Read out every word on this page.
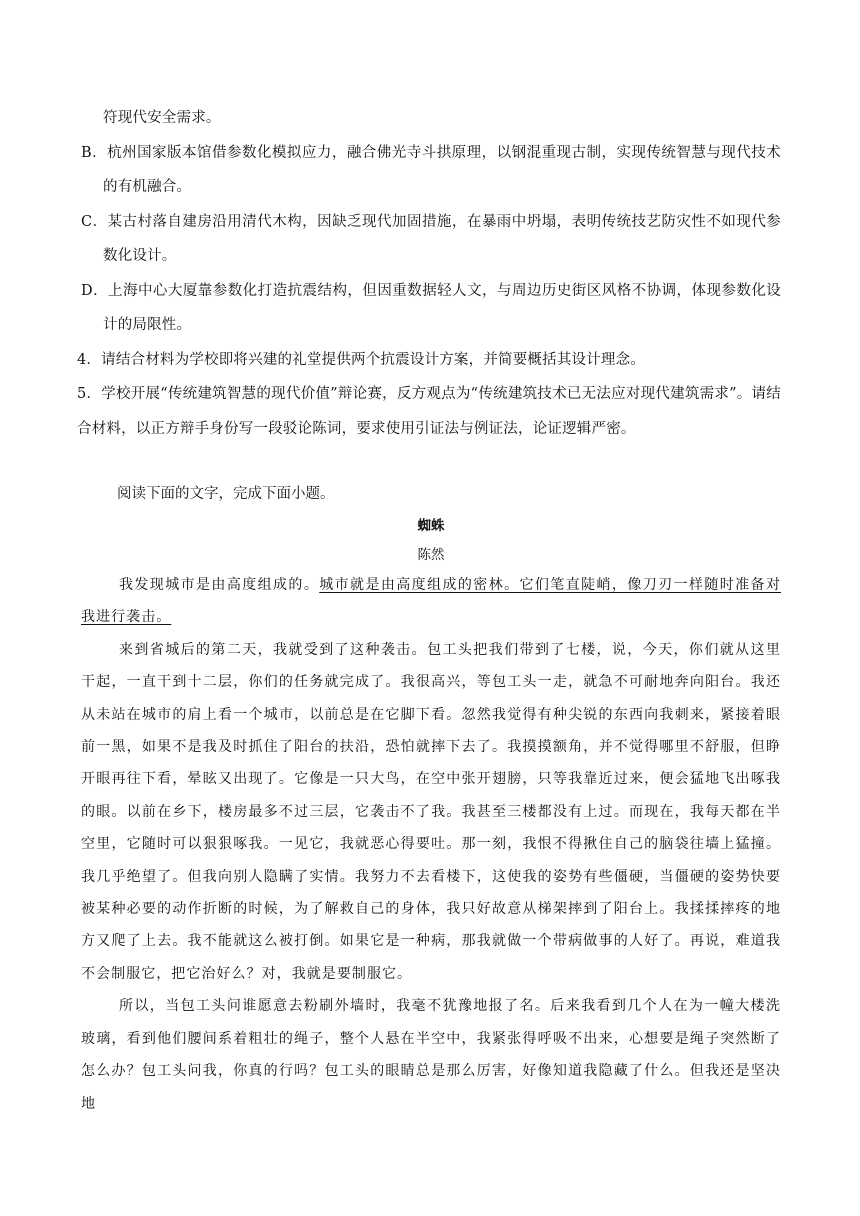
符现代安全需求。

B．杭州国家版本馆借参数化模拟应力，融合佛光寺斗拱原理，以钢混重现古制，实现传统智慧与现代技术的有机融合。

C．某古村落自建房沿用清代木构，因缺乏现代加固措施，在暴雨中坍塌，表明传统技艺防灾性不如现代参数化设计。

D．上海中心大厦靠参数化打造抗震结构，但因重数据轻人文，与周边历史街区风格不协调，体现参数化设计的局限性。

4．请结合材料为学校即将兴建的礼堂提供两个抗震设计方案，并简要概括其设计理念。

5．学校开展“传统建筑智慧的现代价值”辩论赛，反方观点为“传统建筑技术已无法应对现代建筑需求”。请结合材料，以正方辩手身份写一段驳论陈词，要求使用引证法与例证法，论证逻辑严密。

阅读下面的文字，完成下面小题。

蜘蛛

陈然

我发现城市是由高度组成的。城市就是由高度组成的密林。它们笔直陡峭，像刀刃一样随时准备对我进行袭击。

来到省城后的第二天，我就受到了这种袭击。包工头把我们带到了七楼，说，今天，你们就从这里干起，一直干到十二层，你们的任务就完成了。我很高兴，等包工头一走，就急不可耐地奔向阳台。我还从未站在城市的肩上看一个城市，以前总是在它脚下看。忽然我觉得有种尖锐的东西向我刺来，紧接着眼前一黑，如果不是我及时抓住了阳台的扶沿，恐怕就摔下去了。我摸摸额角，并不觉得哪里不舒服，但睁开眼再往下看，晕眩又出现了。它像是一只大鸟，在空中张开翅膀，只等我靠近过来，便会猛地飞出啄我的眼。以前在乡下，楼房最多不过三层，它袭击不了我。我甚至三楼都没有上过。而现在，我每天都在半空里，它随时可以狠狠啄我。一见它，我就恶心得要吐。那一刻，我恨不得揪住自己的脑袋往墙上猛撞。我几乎绝望了。但我向别人隐瞒了实情。我努力不去看楼下，这使我的姿势有些僵硬，当僵硬的姿势快要被某种必要的动作折断的时候，为了解救自己的身体，我只好故意从梯架摔到了阳台上。我揉揉摔疼的地方又爬了上去。我不能就这么被打倒。如果它是一种病，那我就做一个带病做事的人好了。再说，难道我不会制服它，把它治好么？对，我就是要制服它。

所以，当包工头问谁愿意去粉刷外墙时，我毫不犹豫地报了名。后来我看到几个人在为一幢大楼洗玻璃，看到他们腰间系着粗壮的绳子，整个人悬在半空中，我紧张得呼吸不出来，心想要是绳子突然断了怎么办？包工头问我，你真的行吗？包工头的眼睛总是那么厉害，好像知道我隐藏了什么。但我还是坚决地
